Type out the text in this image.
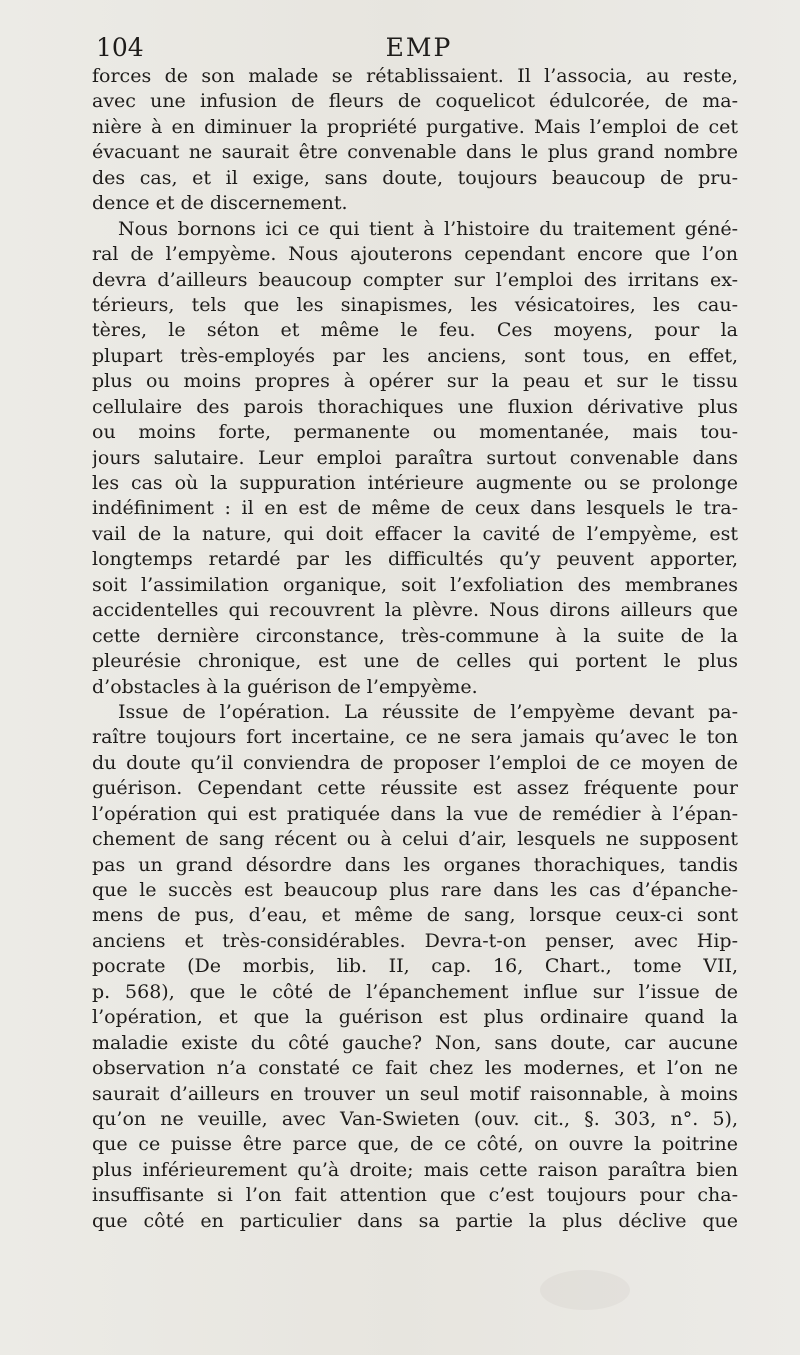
104	EMP
forces de son malade se rétablissaient. Il l’associa, au reste,
avec une infusion de fleurs de coquelicot édulcorée, de ma-
nière à en diminuer la propriété purgative. Mais l’emploi de cet
évacuant ne saurait être convenable dans le plus grand nombre
des cas, et il exige, sans doute, toujours beaucoup de pru-
dence et de discernement.
Nous bornons ici ce qui tient à l’histoire du traitement géné-
ral de l’empyème. Nous ajouterons cependant encore que l’on
devra d’ailleurs beaucoup compter sur l’emploi des irritans ex-
térieurs, tels que les sinapismes, les vésicatoires, les cau-
tères, le séton et même le feu. Ces moyens, pour la
plupart très-employés par les anciens, sont tous, en effet,
plus ou moins propres à opérer sur la peau et sur le tissu
cellulaire des parois thorachiques une fluxion dérivative plus
ou moins forte, permanente ou momentanée, mais tou-
jours salutaire. Leur emploi paraîtra surtout convenable dans
les cas où la suppuration intérieure augmente ou se prolonge
indéfiniment : il en est de même de ceux dans lesquels le tra-
vail de la nature, qui doit effacer la cavité de l’empyème, est
longtemps retardé par les difficultés qu’y peuvent apporter,
soit l’assimilation organique, soit l’exfoliation des membranes
accidentelles qui recouvrent la plèvre. Nous dirons ailleurs que
cette dernière circonstance, très-commune à la suite de la
pleurésie chronique, est une de celles qui portent le plus
d’obstacles à la guérison de l’empyème.
Issue de l’opération. La réussite de l’empyème devant pa-
raître toujours fort incertaine, ce ne sera jamais qu’avec le ton
du doute qu’il conviendra de proposer l’emploi de ce moyen de
guérison. Cependant cette réussite est assez fréquente pour
l’opération qui est pratiquée dans la vue de remédier à l’épan-
chement de sang récent ou à celui d’air, lesquels ne supposent
pas un grand désordre dans les organes thorachiques, tandis
que le succès est beaucoup plus rare dans les cas d’épanche-
mens de pus, d’eau, et même de sang, lorsque ceux-ci sont
anciens et très-considérables. Devra-t-on penser, avec Hip-
pocrate (De morbis, lib. II, cap. 16, Chart., tome VII,
p. 568), que le côté de l’épanchement influe sur l’issue de
l’opération, et que la guérison est plus ordinaire quand la
maladie existe du côté gauche? Non, sans doute, car aucune
observation n’a constaté ce fait chez les modernes, et l’on ne
saurait d’ailleurs en trouver un seul motif raisonnable, à moins
qu’on ne veuille, avec Van-Swieten (ouv. cit., §. 303, n°. 5),
que ce puisse être parce que, de ce côté, on ouvre la poitrine
plus inférieurement qu’à droite; mais cette raison paraîtra bien
insuffisante si l’on fait attention que c’est toujours pour cha-
que côté en particulier dans sa partie la plus déclive que
